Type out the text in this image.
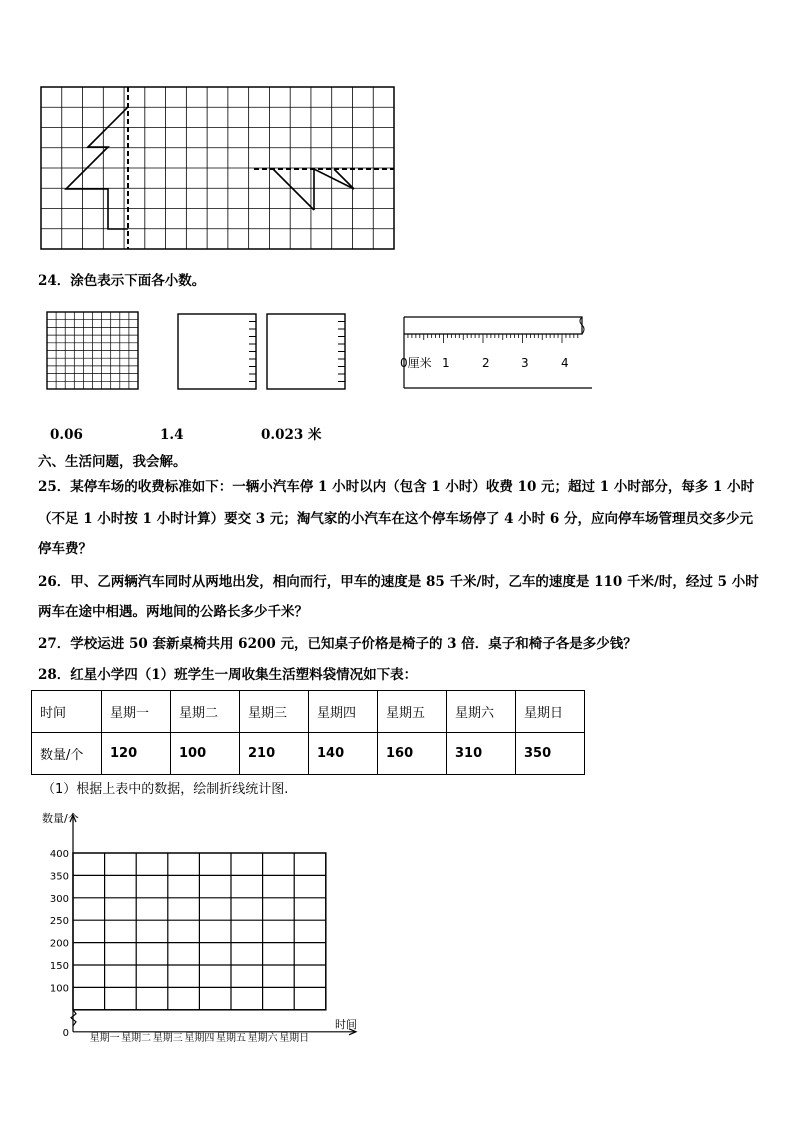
24．涂色表示下面各小数。
0厘米 1	2	3	4
0.06	1.4	0.023 米
六、生活问题，我会解。
25．某停车场的收费标准如下：一辆小汽车停 1 小时以内（包含 1 小时）收费 10 元；超过 1 小时部分，每多 1 小时
（不足 1 小时按 1 小时计算）要交 3 元；淘气家的小汽车在这个停车场停了 4 小时 6 分，应向停车场管理员交多少元
停车费？
26．甲、乙两辆汽车同时从两地出发，相向而行，甲车的速度是 85 千米/时，乙车的速度是 110 千米/时，经过 5 小时
两车在途中相遇。两地间的公路长多少千米？
27．学校运进 50 套新桌椅共用 6200 元，已知桌子价格是椅子的 3 倍．桌子和椅子各是多少钱？
28．红星小学四（1）班学生一周收集生活塑料袋情况如下表：
时间	星期一	星期二	星期三	星期四	星期五	星期六	星期日
数量/个	120	100	210	140	160	310	350
（1）根据上表中的数据，绘制折线统计图.
数量/个
时间
400
350
300
250
200
150
100
0 星期一 星期二 星期三 星期四 星期五 星期六 星期日
